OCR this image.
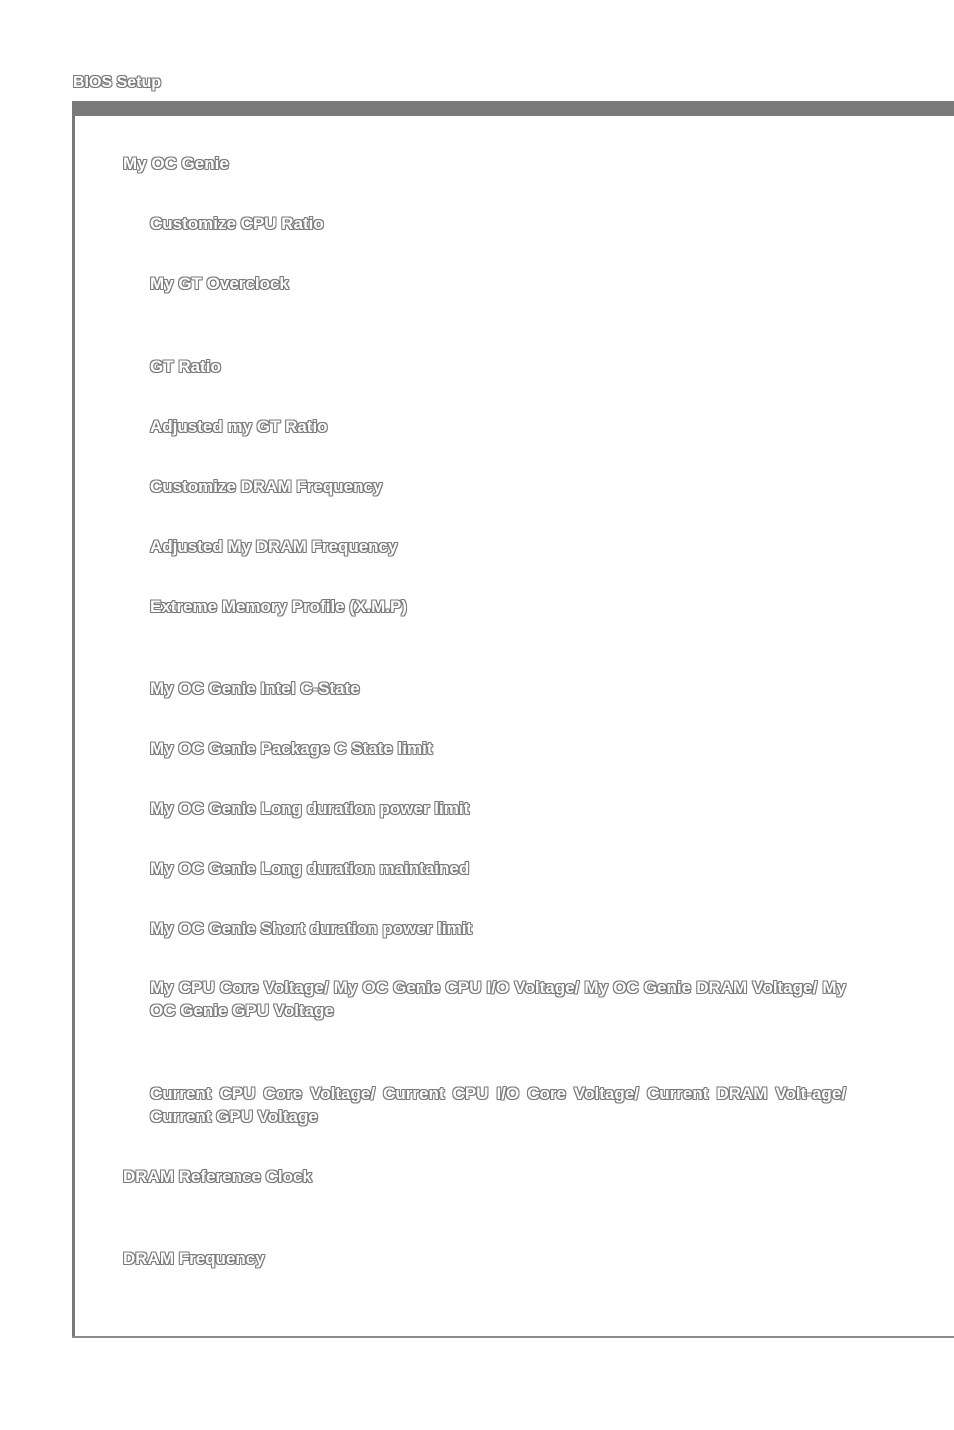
BIOS Setup
My OC Genie
Customize CPU Ratio
My GT Overclock
GT Ratio
Adjusted my GT Ratio
Customize DRAM Frequency
Adjusted My DRAM Frequency
Extreme Memory Profile (X.M.P)
My OC Genie Intel C-State
My OC Genie Package C State limit
My OC Genie Long duration power limit
My OC Genie Long duration maintained
My OC Genie Short duration power limit
My CPU Core Voltage/ My OC Genie CPU I/O Voltage/ My OC Genie DRAM Voltage/ My OC Genie GPU Voltage
Current CPU Core Voltage/ Current CPU I/O Core Voltage/ Current DRAM Volt-age/ Current GPU Voltage
DRAM Reference Clock
DRAM Frequency
